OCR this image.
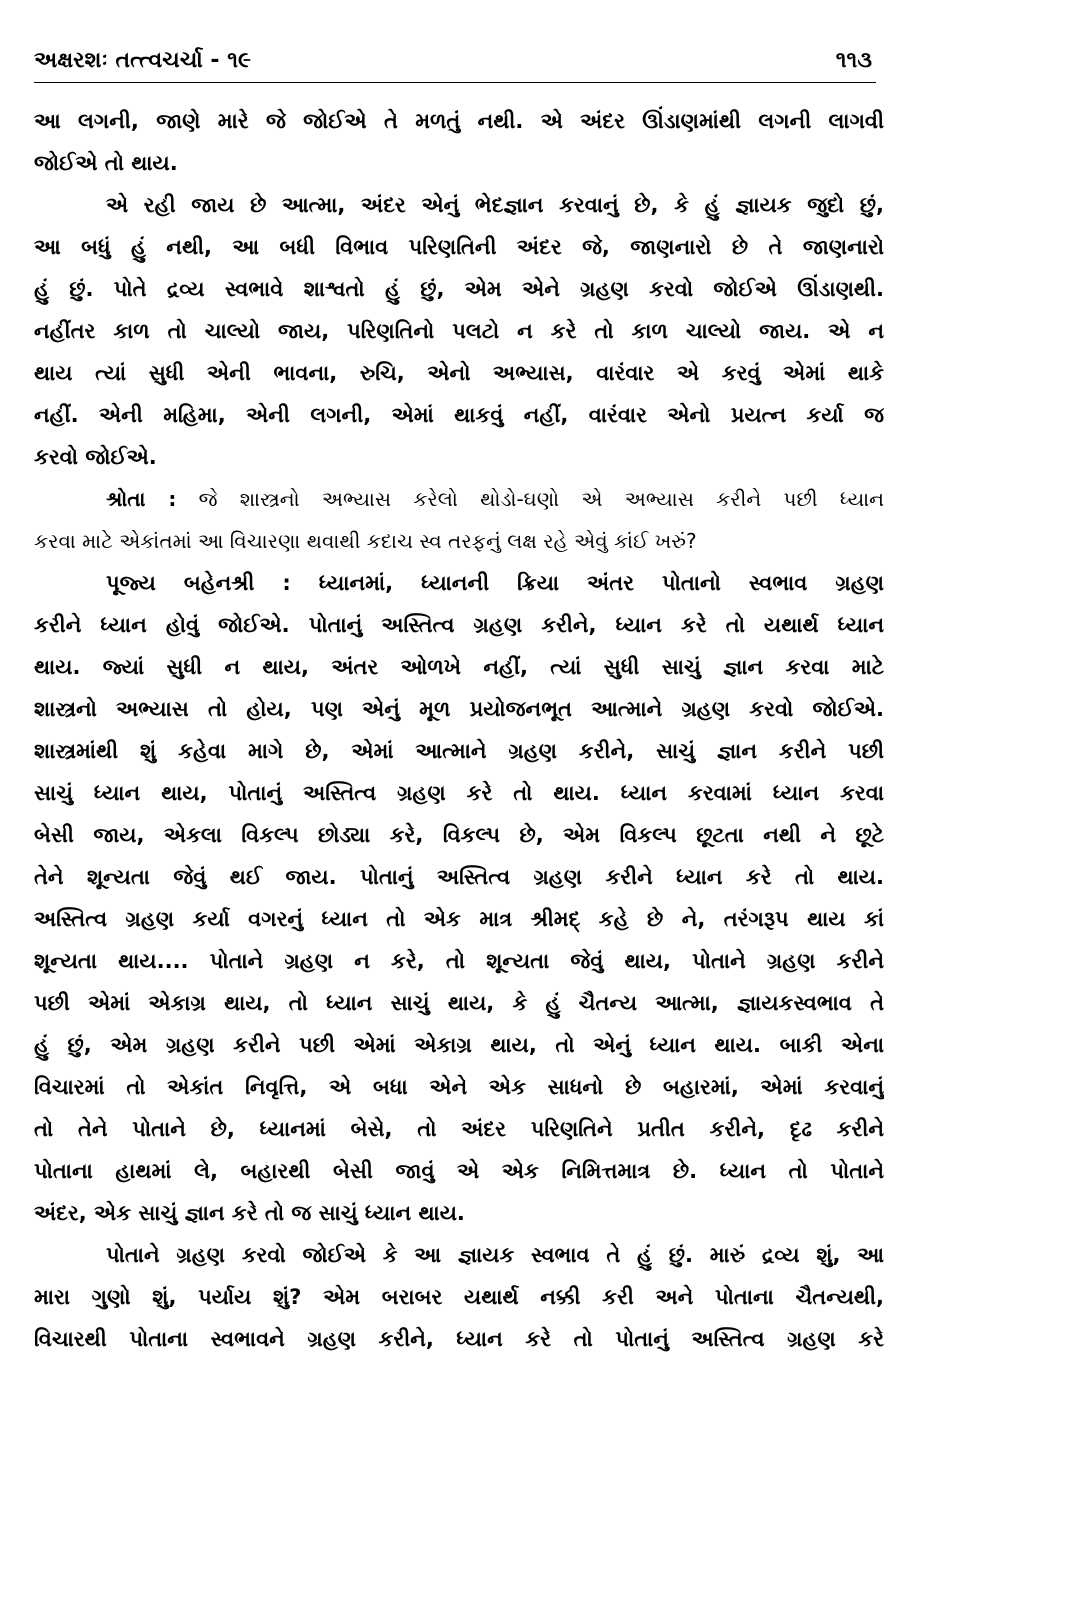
અક્ષરશઃ તત્ત્વચર્ચા - ૧૯	૧૧૩
આ લગની, જાણે મારે જે જોઈએ તે મળતું નથી. એ અંદર ઊંડાણમાંથી લગની લાગવી
જોઈએ તો થાય.
એ રહી જાય છે આત્મા, અંદર એનું ભેદજ્ઞાન કરવાનું છે, કે હું જ્ઞાયક જુદો છું,
આ બધું હું નથી, આ બધી વિભાવ પરિણતિની અંદર જે, જાણનારો છે તે જાણનારો
હું છું. પોતે દ્રવ્ય સ્વભાવે શાશ્વતો હું છું, એમ એને ગ્રહણ કરવો જોઈએ ઊંડાણથી.
નહીંતર કાળ તો ચાલ્યો જાય, પરિણતિનો પલટો ન કરે તો કાળ ચાલ્યો જાય. એ ન
થાય ત્યાં સુધી એની ભાવના, રુચિ, એનો અભ્યાસ, વારંવાર એ કરવું એમાં થાકે
નહીં. એની મહિમા, એની લગની, એમાં થાકવું નહીં, વારંવાર એનો પ્રયત્ન કર્યા જ
કરવો જોઈએ.
શ્રોતા : જે શાસ્ત્રનો અભ્યાસ કરેલો થોડો-ઘણો એ અભ્યાસ કરીને પછી ધ્યાન
કરવા માટે એકાંતમાં આ વિચારણા થવાથી કદાચ સ્વ તરફનું લક્ષ રહે એવું કાંઈ ખરું?
પૂજ્ય બહેનશ્રી : ધ્યાનમાં, ધ્યાનની ક્રિયા અંતર પોતાનો સ્વભાવ ગ્રહણ
કરીને ધ્યાન હોવું જોઈએ. પોતાનું અસ્તિત્વ ગ્રહણ કરીને, ધ્યાન કરે તો યથાર્થ ધ્યાન
થાય. જ્યાં સુધી ન થાય, અંતર ઓળખે નહીં, ત્યાં સુધી સાચું જ્ઞાન કરવા માટે
શાસ્ત્રનો અભ્યાસ તો હોય, પણ એનું મૂળ પ્રયોજનભૂત આત્માને ગ્રહણ કરવો જોઈએ.
શાસ્ત્રમાંથી શું કહેવા માગે છે, એમાં આત્માને ગ્રહણ કરીને, સાચું જ્ઞાન કરીને પછી
સાચું ધ્યાન થાય, પોતાનું અસ્તિત્વ ગ્રહણ કરે તો થાય. ધ્યાન કરવામાં ધ્યાન કરવા
બેસી જાય, એકલા વિકલ્પ છોડ્યા કરે, વિકલ્પ છે, એમ વિકલ્પ છૂટતા નથી ને છૂટે
તેને શૂન્યતા જેવું થઈ જાય. પોતાનું અસ્તિત્વ ગ્રહણ કરીને ધ્યાન કરે તો થાય.
અસ્તિત્વ ગ્રહણ કર્યા વગરનું ધ્યાન તો એક માત્ર શ્રીમદ્ કહે છે ને, તરંગરૂપ થાય કાં
શૂન્યતા થાય.... પોતાને ગ્રહણ ન કરે, તો શૂન્યતા જેવું થાય, પોતાને ગ્રહણ કરીને
પછી એમાં એકાગ્ર થાય, તો ધ્યાન સાચું થાય, કે હું ચૈતન્ય આત્મા, જ્ઞાયકસ્વભાવ તે
હું છું, એમ ગ્રહણ કરીને પછી એમાં એકાગ્ર થાય, તો એનું ધ્યાન થાય. બાકી એના
વિચારમાં તો એકાંત નિવૃત્તિ, એ બધા એને એક સાધનો છે બહારમાં, એમાં કરવાનું
તો તેને પોતાને છે, ધ્યાનમાં બેસે, તો અંદર પરિણતિને પ્રતીત કરીને, દૃઢ કરીને
પોતાના હાથમાં લે, બહારથી બેસી જાવું એ એક નિમિત્તમાત્ર છે. ધ્યાન તો પોતાને
અંદર, એક સાચું જ્ઞાન કરે તો જ સાચું ધ્યાન થાય.
પોતાને ગ્રહણ કરવો જોઈએ કે આ જ્ઞાયક સ્વભાવ તે હું છું. મારું દ્રવ્ય શું, આ
મારા ગુણો શું, પર્યાય શું? એમ બરાબર યથાર્થ નક્કી કરી અને પોતાના ચૈતન્યથી,
વિચારથી પોતાના સ્વભાવને ગ્રહણ કરીને, ધ્યાન કરે તો પોતાનું અસ્તિત્વ ગ્રહણ કરે
